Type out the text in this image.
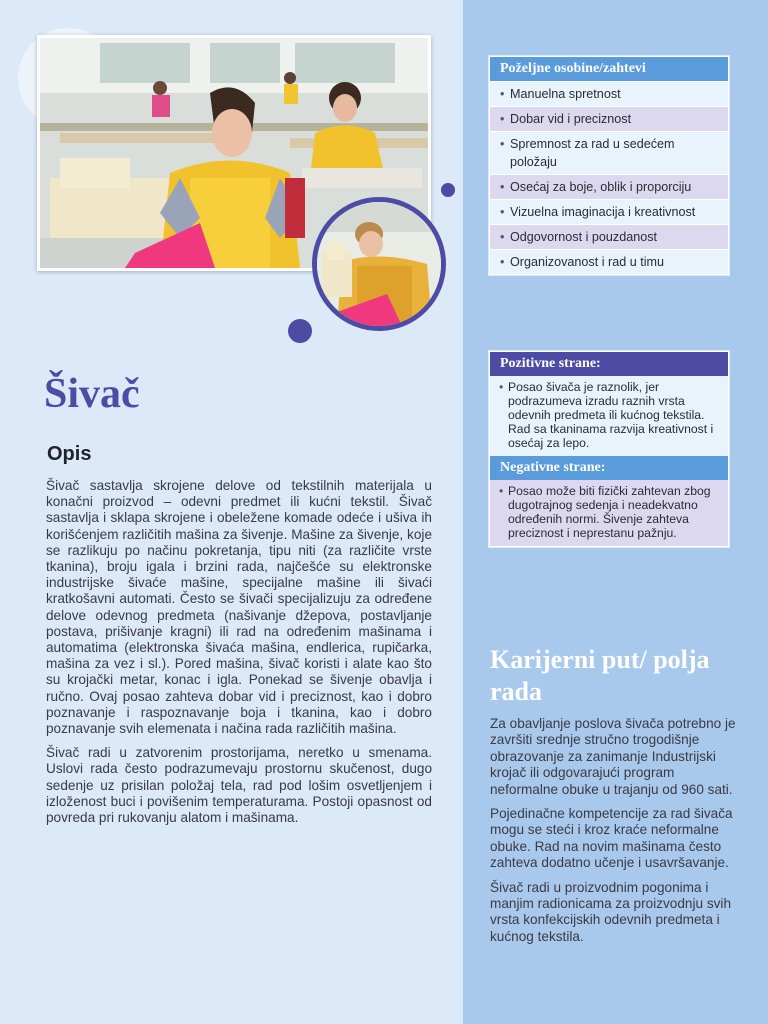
Šivač
Opis

Šivač sastavlja skrojene delove od tekstilnih materijala u konačni proizvod – odevni predmet ili kućni tekstil. Šivač sastavlja i sklapa skrojene i obeležene komade odeće i ušiva ih korišćenjem različitih mašina za šivenje. Mašine za šivenje, koje se razlikuju po načinu pokretanja, tipu niti (za različite vrste tkanina), broju igala i brzini rada, najčešće su elektronske industrijske šivaće mašine, specijalne mašine ili šivaći kratkošavni automati. Često se šivači specijalizuju za određene delove odevnog predmeta (našivanje džepova, postavljanje postava, prišivanje kragni) ili rad na određenim mašinama i automatima (elektronska šivaća mašina, endlerica, rupičarka, mašina za vez i sl.). Pored mašina, šivač koristi i alate kao što su krojački metar, konac i igla. Ponekad se šivenje obavlja i ručno. Ovaj posao zahteva dobar vid i preciznost, kao i dobro poznavanje i raspoznavanje boja i tkanina, kao i dobro poznavanje svih elemenata i načina rada različitih mašina.

Šivač radi u zatvorenim prostorijama, neretko u smenama. Uslovi rada često podrazumevaju prostornu skučenost, dugo sedenje uz prisilan položaj tela, rad pod lošim osvetljenjem i izloženost buci i povišenim temperaturama. Postoji opasnost od povreda pri rukovanju alatom i mašinama.

Poželjne osobine/zahtevi
• Manuelna spretnost
• Dobar vid i preciznost
• Spremnost za rad u sedećem položaju
• Osećaj za boje, oblik i proporciju
• Vizuelna imaginacija i kreativnost
• Odgovornost i pouzdanost
• Organizovanost i rad u timu
Pozitivne strane:
• Posao šivača je raznolik, jer podrazumeva izradu raznih vrsta odevnih predmeta ili kućnog tekstila. Rad sa tkaninama razvija kreativnost i osećaj za lepo.
Negativne strane:
• Posao može biti fizički zahtevan zbog dugotrajnog sedenja i neadekvatno određenih normi. Šivenje zahteva preciznost i neprestanu pažnju.
Karijerni put/ polja rada

Za obavljanje poslova šivača potrebno je završiti srednje stručno trogodišnje obrazovanje za zanimanje Industrijski krojač ili odgovarajući program neformalne obuke u trajanju od 960 sati.

Pojedinačne kompetencije za rad šivača mogu se steći i kroz kraće neformalne obuke. Rad na novim mašinama često zahteva dodatno učenje i usavršavanje.

Šivač radi u proizvodnim pogonima i manjim radionicama za proizvodnju svih vrsta konfekcijskih odevnih predmeta i kućnog tekstila.
